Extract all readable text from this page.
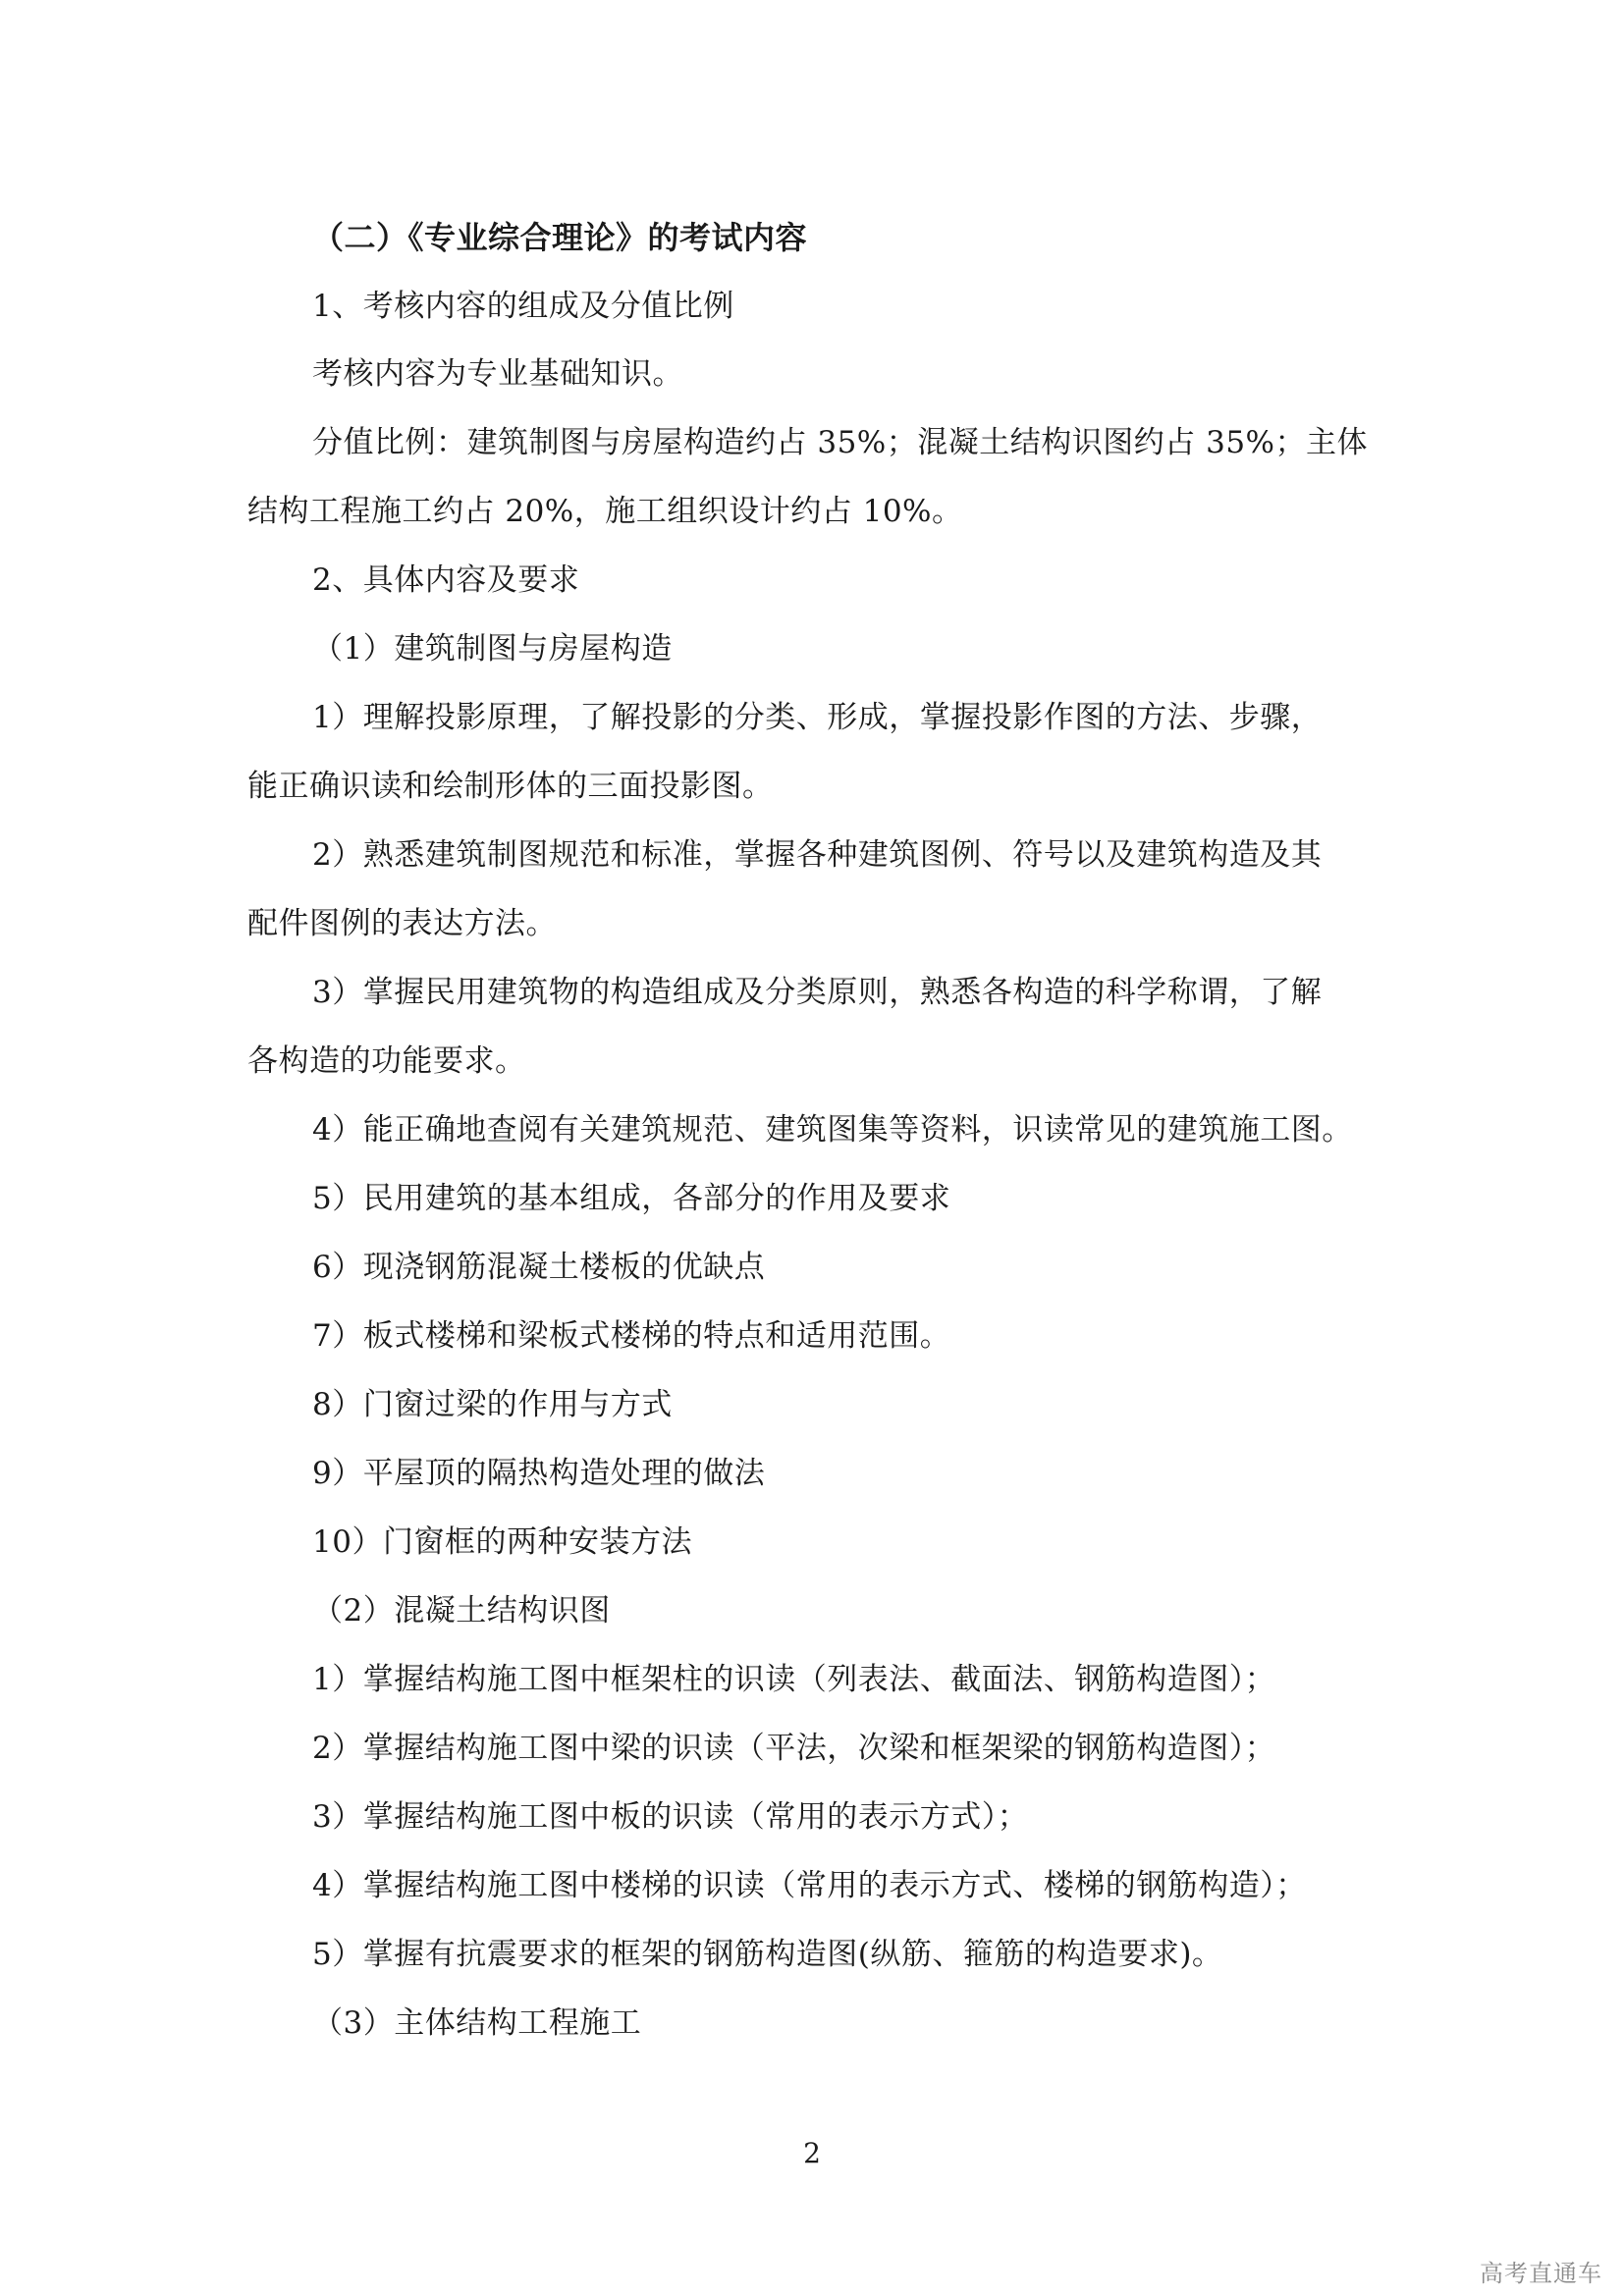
（二）《专业综合理论》的考试内容
1、考核内容的组成及分值比例
考核内容为专业基础知识。
分值比例：建筑制图与房屋构造约占 35%；混凝土结构识图约占 35%；主体
结构工程施工约占 20%，施工组织设计约占 10%。
2、具体内容及要求
（1）建筑制图与房屋构造
1）理解投影原理，了解投影的分类、形成，掌握投影作图的方法、步骤，
能正确识读和绘制形体的三面投影图。
2）熟悉建筑制图规范和标准，掌握各种建筑图例、符号以及建筑构造及其
配件图例的表达方法。
3）掌握民用建筑物的构造组成及分类原则，熟悉各构造的科学称谓，了解
各构造的功能要求。
4）能正确地查阅有关建筑规范、建筑图集等资料，识读常见的建筑施工图。
5）民用建筑的基本组成，各部分的作用及要求
6）现浇钢筋混凝土楼板的优缺点
7）板式楼梯和梁板式楼梯的特点和适用范围。
8）门窗过梁的作用与方式
9）平屋顶的隔热构造处理的做法
10）门窗框的两种安装方法
（2）混凝土结构识图
1）掌握结构施工图中框架柱的识读（列表法、截面法、钢筋构造图）；
2）掌握结构施工图中梁的识读（平法，次梁和框架梁的钢筋构造图）；
3）掌握结构施工图中板的识读（常用的表示方式）；
4）掌握结构施工图中楼梯的识读（常用的表示方式、楼梯的钢筋构造）；
5）掌握有抗震要求的框架的钢筋构造图(纵筋、箍筋的构造要求)。
（3）主体结构工程施工
2
高考直通车
